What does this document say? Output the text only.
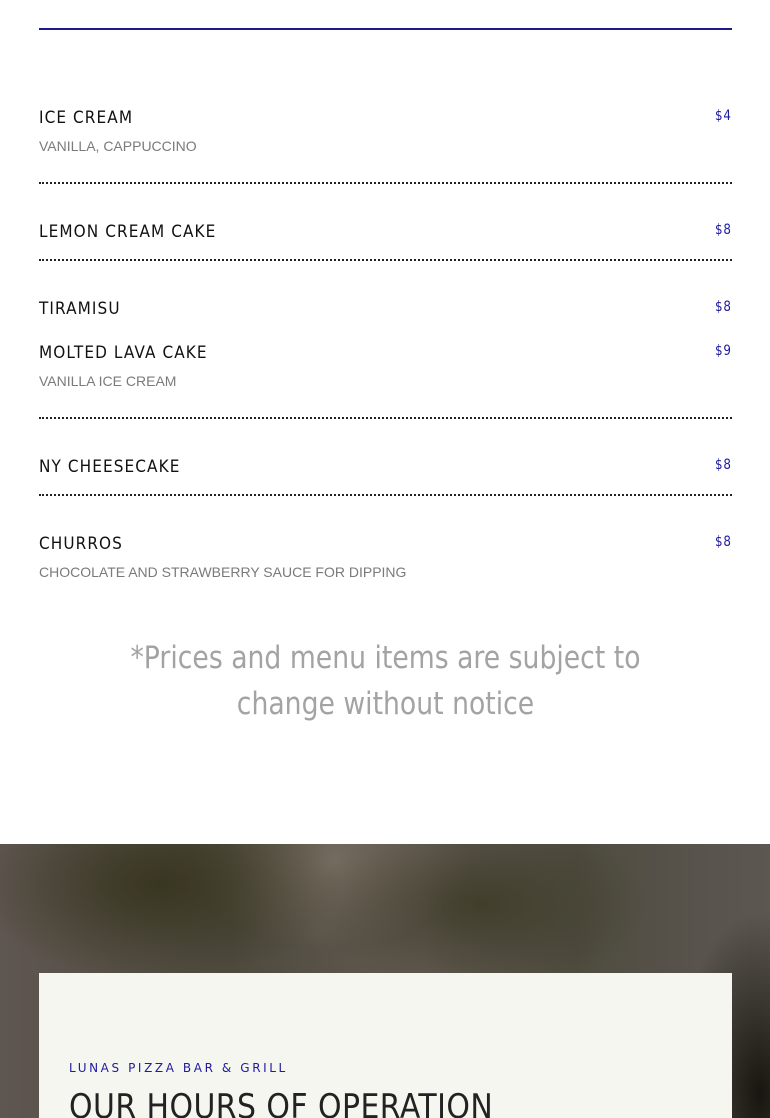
ICE CREAM	$4
VANILLA, CAPPUCCINO
LEMON CREAM CAKE	$8
TIRAMISU	$8
MOLTED LAVA CAKE	$9
VANILLA ICE CREAM
NY CHEESECAKE	$8
CHURROS	$8
CHOCOLATE AND STRAWBERRY SAUCE FOR DIPPING
*Prices and menu items are subject to change without notice
LUNAS PIZZA BAR & GRILL
OUR HOURS OF OPERATION
